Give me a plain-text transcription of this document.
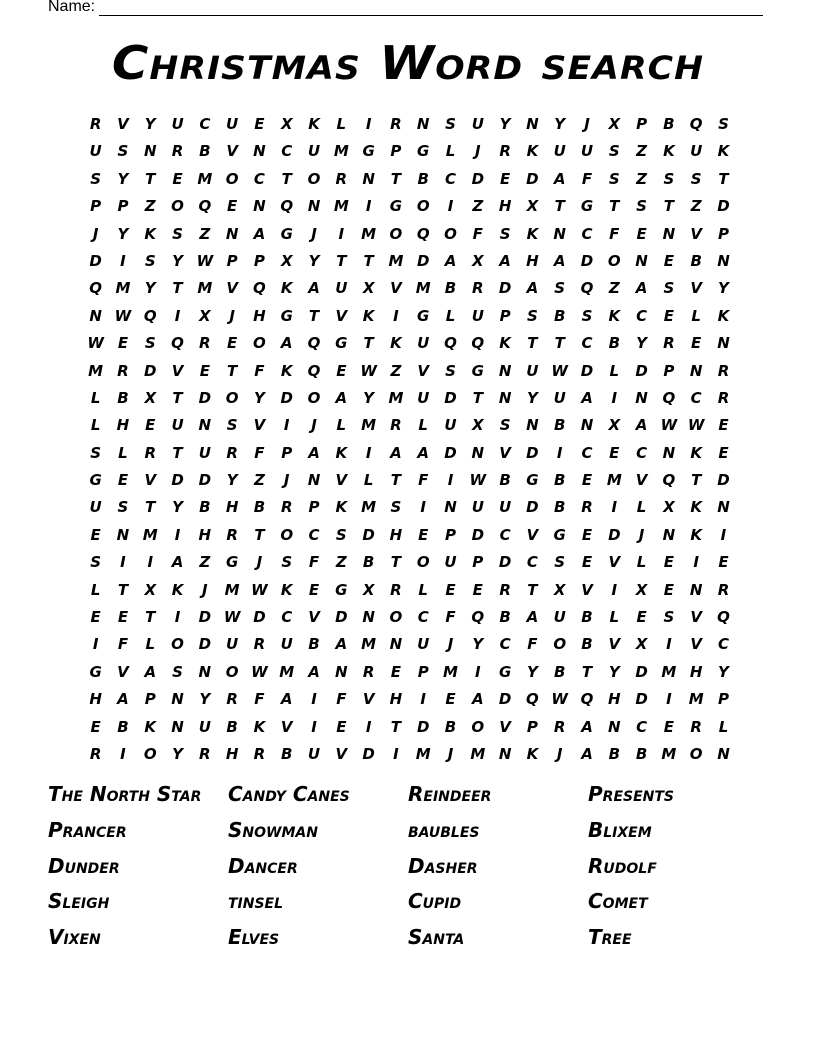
Name:
Christmas Word search
R	V	Y	U	C	U	E	X	K	L	I	R	N	S	U	Y	N	Y	J	X	P	B	Q	S
U	S	N	R	B	V	N	C	U M G	P	G	L	J	R	K	U	U	S	Z	K	U	K
S	Y	T	E M O	C	T	O	R	N	T	B	C	D	E	D	A	F	S	Z	S	S	T
P	P	Z	O Q	E	N Q N M	I	G O	I	Z	H	X	T	G	T	S	T	Z	D
J	Y	K	S	Z	N	A	G	J	I	M O Q O	F	S	K	N	C	F	E	N	V	P
D	I	S	Y W P	P	X	Y	T	T M D	A	X	A	H	A	D O N	E	B	N
Q M Y	T M V	Q	K	A	U	X	V M B	R	D	A	S	Q	Z	A	S	V	Y
N W Q	I	X	J	H G	T	V	K	I	G	L	U	P	S	B	S	K	C	E	L	K
W E	S	Q	R	E	O	A	Q G	T	K	U Q Q	K	T	T	C	B	Y	R	E	N
M R	D	V	E	T	F	K	Q	E W Z	V	S	G N U W D	L	D	P	N	R
L	B	X	T	D O	Y	D O	A	Y M U D	T	N	Y	U	A	I	N Q	C	R
L	H	E	U N	S	V	I	J	L	M R	L	U	X	S	N	B	N	X	A W W E
S	L	R	T	U	R	F	P	A	K	I	A	A	D N	V	D	I	C	E	C	N	K	E
G	E	V	D D	Y	Z	J	N	V	L	T	F	I	W B	G	B	E M V	Q	T	D
U	S	T	Y	B	H	B	R	P	K M S	I	N U	U D	B	R	I	L	X	K	N
E	N M	I	H	R	T	O	C	S	D H	E	P	D	C	V	G	E	D	J	N	K	I
S	I	I	A	Z	G	J	S	F	Z	B	T	O U	P	D	C	S	E	V	L	E	I	E
L	T	X	K	J	M W K	E	G	X	R	L	E	E	R	T	X	V	I	X	E	N	R
E	E	T	I	D W D	C	V	D N O	C	F	Q	B	A	U	B	L	E	S	V	Q
I	F	L	O D U	R	U	B	A M N U	J	Y	C	F	O	B	V	X	I	V	C
G	V	A	S	N O W M A	N	R	E	P M	I	G	Y	B	T	Y	D M H	Y
H	A	P	N	Y	R	F	A	I	F	V	H	I	E	A	D Q W Q H D	I	M P
E	B	K	N U	B	K	V	I	E	I	T	D	B	O	V	P	R	A	N	C	E	R	L
R	I	O	Y	R	H	R	B	U	V	D	I	M	J	M N	K	J	A	B	B M O N
The North Star	Candy Canes	Reindeer	Presents
Prancer	Snowman	baubles	Blixem
Dunder	Dancer	Dasher	Rudolf
Sleigh	tinsel	Cupid	Comet
Vixen	Elves	Santa	Tree
